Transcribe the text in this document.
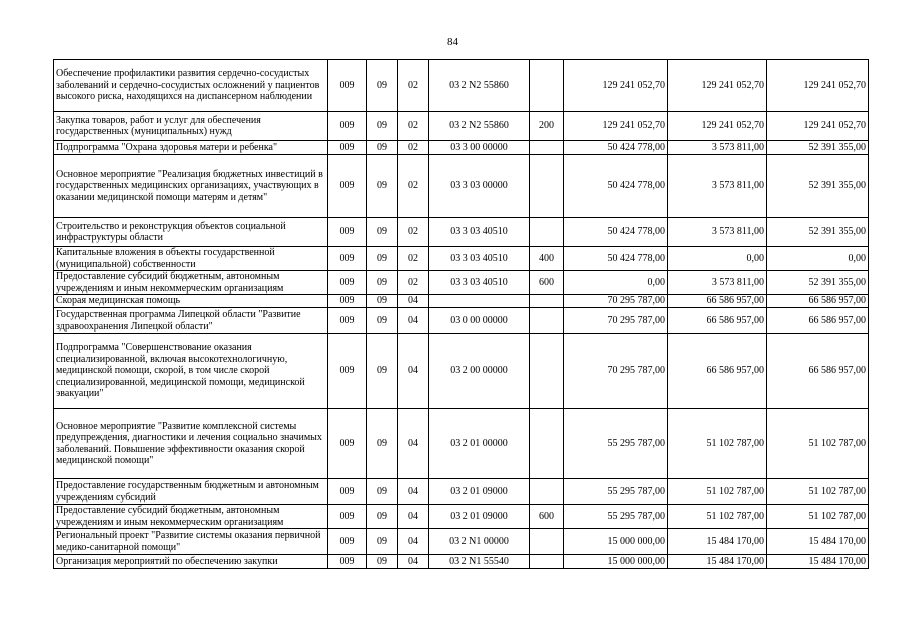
84
Обеспечение профилактики развития сердечно-сосудистых заболеваний и сердечно-сосудистых осложнений у пациентов высокого риска, находящихся на диспансерном наблюдении	009	09	02	03 2 N2 55860		129 241 052,70	129 241 052,70	129 241 052,70
Закупка товаров, работ и услуг для обеспечения государственных (муниципальных) нужд	009	09	02	03 2 N2 55860	200	129 241 052,70	129 241 052,70	129 241 052,70
Подпрограмма "Охрана здоровья матери и ребенка"	009	09	02	03 3 00 00000		50 424 778,00	3 573 811,00	52 391 355,00
Основное мероприятие "Реализация бюджетных инвестиций в государственных медицинских организациях, участвующих в оказании медицинской помощи матерям и детям"	009	09	02	03 3 03 00000		50 424 778,00	3 573 811,00	52 391 355,00
Строительство и реконструкция объектов социальной инфраструктуры области	009	09	02	03 3 03 40510		50 424 778,00	3 573 811,00	52 391 355,00
Капитальные вложения в объекты государственной (муниципальной) собственности	009	09	02	03 3 03 40510	400	50 424 778,00	0,00	0,00
Предоставление субсидий бюджетным, автономным учреждениям и иным некоммерческим организациям	009	09	02	03 3 03 40510	600	0,00	3 573 811,00	52 391 355,00
Скорая медицинская помощь	009	09	04			70 295 787,00	66 586 957,00	66 586 957,00
Государственная программа Липецкой области "Развитие здравоохранения Липецкой области"	009	09	04	03 0 00 00000		70 295 787,00	66 586 957,00	66 586 957,00
Подпрограмма "Совершенствование оказания специализированной, включая высокотехнологичную, медицинской помощи, скорой, в том числе скорой специализированной, медицинской помощи, медицинской эвакуации"	009	09	04	03 2 00 00000		70 295 787,00	66 586 957,00	66 586 957,00
Основное мероприятие "Развитие комплексной системы предупреждения, диагностики и лечения социально значимых заболеваний. Повышение эффективности оказания скорой медицинской помощи"	009	09	04	03 2 01 00000		55 295 787,00	51 102 787,00	51 102 787,00
Предоставление государственным бюджетным и автономным учреждениям субсидий	009	09	04	03 2 01 09000		55 295 787,00	51 102 787,00	51 102 787,00
Предоставление субсидий бюджетным, автономным учреждениям и иным некоммерческим организациям	009	09	04	03 2 01 09000	600	55 295 787,00	51 102 787,00	51 102 787,00
Региональный проект "Развитие системы оказания первичной медико-санитарной помощи"	009	09	04	03 2 N1 00000		15 000 000,00	15 484 170,00	15 484 170,00
Организация мероприятий по обеспечению закупки	009	09	04	03 2 N1 55540		15 000 000,00	15 484 170,00	15 484 170,00
